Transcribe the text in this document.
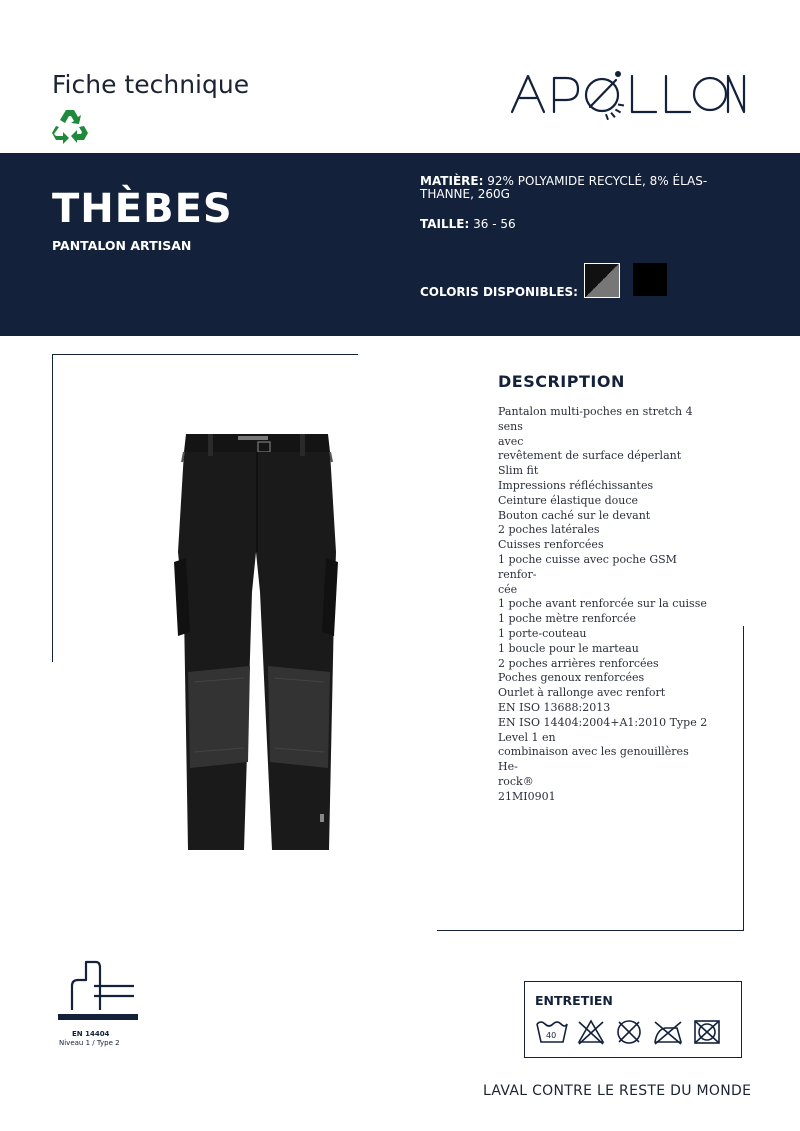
Fiche technique
THÈBES
PANTALON ARTISAN
MATIÈRE: 92% POLYAMIDE RECYCLÉ, 8% ÉLAS-THANNE, 260G
TAILLE: 36 - 56
COLORIS DISPONIBLES:
DESCRIPTION
Pantalon multi-poches en stretch 4 sens
avec
revêtement de surface déperlant
Slim fit
Impressions réfléchissantes
Ceinture élastique douce
Bouton caché sur le devant
2 poches latérales
Cuisses renforcées
1 poche cuisse avec poche GSM renfor-
cée
1 poche avant renforcée sur la cuisse
1 poche mètre renforcée
1 porte-couteau
1 boucle pour le marteau
2 poches arrières renforcées
Poches genoux renforcées
Ourlet à rallonge avec renfort
EN ISO 13688:2013
EN ISO 14404:2004+A1:2010 Type 2
Level 1 en
combinaison avec les genouillères He-
rock®
21MI0901
EN 14404
Niveau 1 / Type 2
ENTRETIEN
40
LAVAL CONTRE LE RESTE DU MONDE
